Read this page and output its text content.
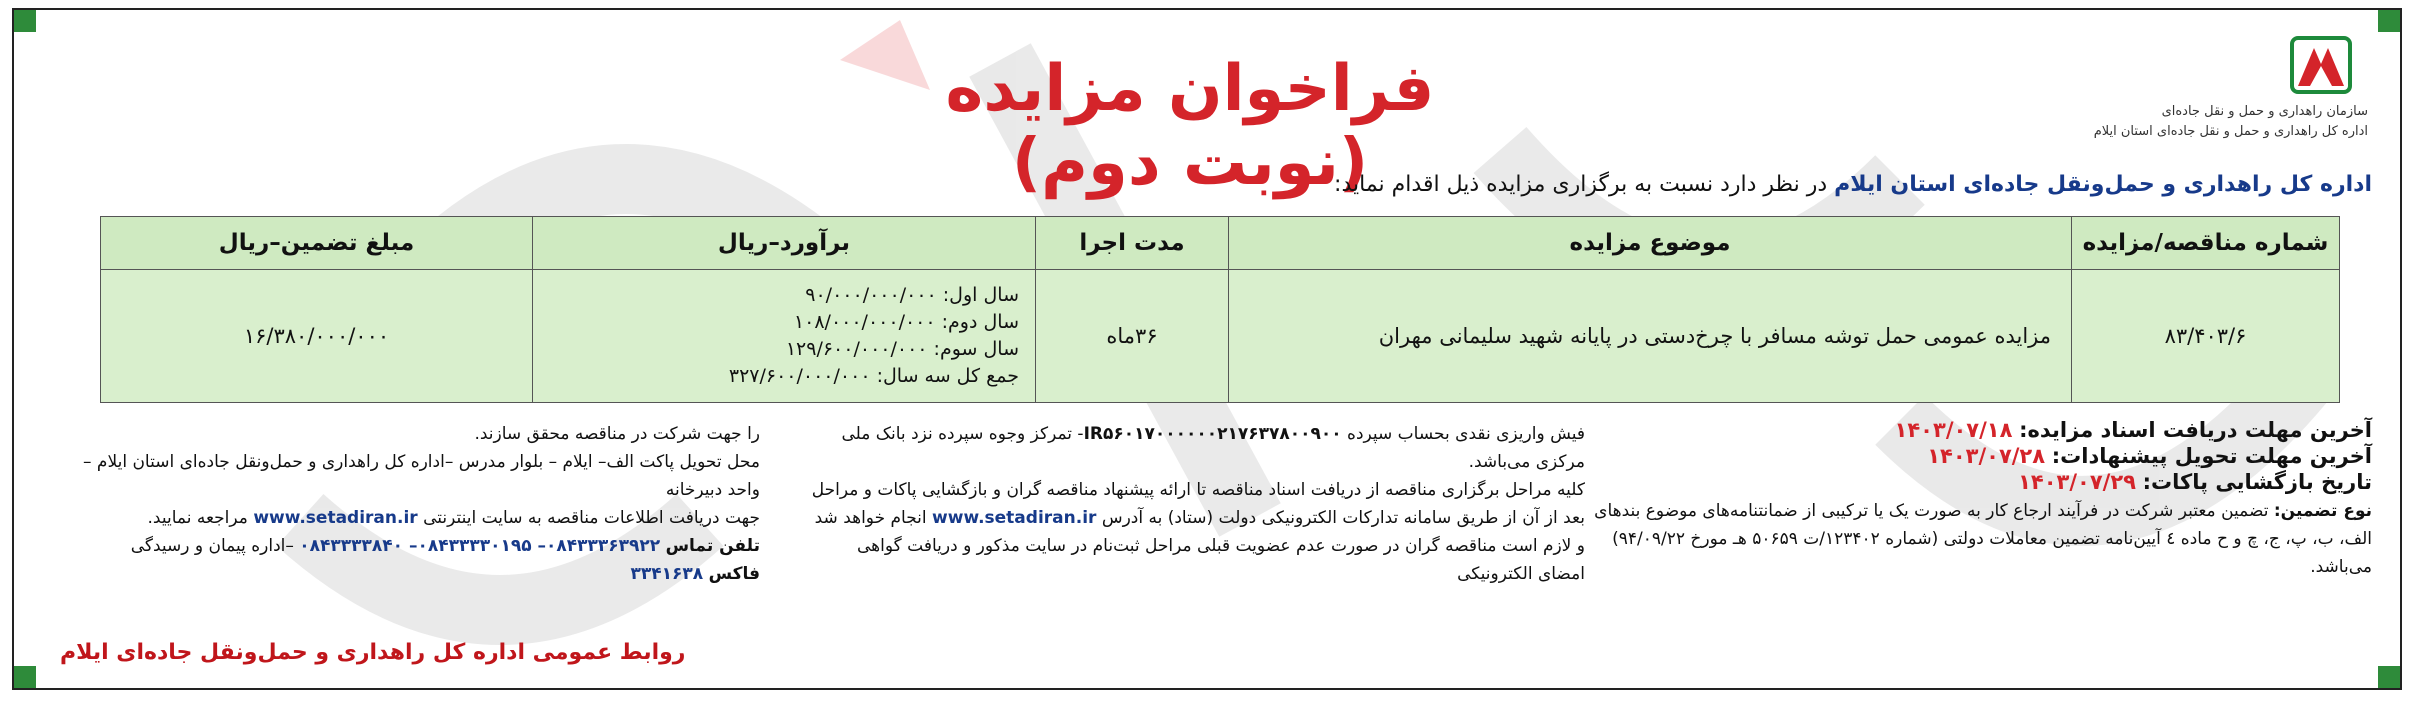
سازمان راهداری و حمل و نقل جاده‌ای
اداره کل راهداری و حمل و نقل جاده‌ای استان ایلام
فراخوان مزایده (نوبت دوم)	اداره کل راهداری و حمل‌ونقل جاده‌ای استان ایلام در نظر دارد نسبت به برگزاری مزایده ذیل اقدام نماید:
شماره مناقصه/مزایده	موضوع مزایده	مدت اجرا	برآورد–ریال	مبلغ تضمین–ریال
۸۳/۴۰۳/۶	مزایده عمومی حمل توشه مسافر با چرخ‌دستی در پایانه شهید سلیمانی مهران	۳۶ماه	سال اول: ۹۰/۰۰۰/۰۰۰/۰۰۰
سال دوم: ۱۰۸/۰۰۰/۰۰۰/۰۰۰
سال سوم: ۱۲۹/۶۰۰/۰۰۰/۰۰۰
جمع کل سه سال: ۳۲۷/۶۰۰/۰۰۰/۰۰۰	۱۶/۳۸۰/۰۰۰/۰۰۰
آخرین مهلت دریافت اسناد مزایده: ۱۴۰۳/۰۷/۱۸
آخرین مهلت تحویل پیشنهادات: ۱۴۰۳/۰۷/۲۸
تاریخ بازگشایی پاکات: ۱۴۰۳/۰۷/۲۹

نوع تضمین: تضمین معتبر شرکت در فرآیند ارجاع کار به صورت یک یا ترکیبی از ضمانتنامه‌های موضوع بندهای الف، ب، پ، ج، چ و ح ماده ٤ آیین‌نامه تضمین معاملات دولتی (شماره ۱۲۳۴۰۲/ت ۵۰۶۵۹ هـ مورخ ۹۴/۰۹/۲۲) می‌باشد.

فیش واریزی نقدی بحساب سپرده IR۵۶۰۱۷۰۰۰۰۰۰۲۱۷۶۳۷۸۰۰۹۰۰- تمرکز وجوه سپرده نزد بانک ملی مرکزی می‌باشد.

کلیه مراحل برگزاری مناقصه از دریافت اسناد مناقصه تا ارائه پیشنهاد مناقصه گران و بازگشایی پاکات و مراحل بعد از آن از طریق سامانه تدارکات الکترونیکی دولت (ستاد) به آدرس www.setadiran.ir انجام خواهد شد و لازم است مناقصه گران در صورت عدم عضویت قبلی مراحل ثبت‌نام در سایت مذکور و دریافت گواهی امضای الکترونیکی

را جهت شرکت در مناقصه محقق سازند.

محل تحویل پاکت الف– ایلام – بلوار مدرس –اداره کل راهداری و حمل‌ونقل جاده‌ای استان ایلام –واحد دبیرخانه

جهت دریافت اطلاعات مناقصه به سایت اینترنتی www.setadiran.ir مراجعه نمایید.

تلفن تماس ۰۸۴۳۳۳۶۳۹۲۲– ۰۸۴۳۳۳۳۰۱۹۵– ۰۸۴۳۳۳۳۸۴۰ –اداره پیمان و رسیدگی

فاکس ۳۳۴۱۶۳۸

روابط عمومی اداره کل راهداری و حمل‌ونقل جاده‌ای ایلام
